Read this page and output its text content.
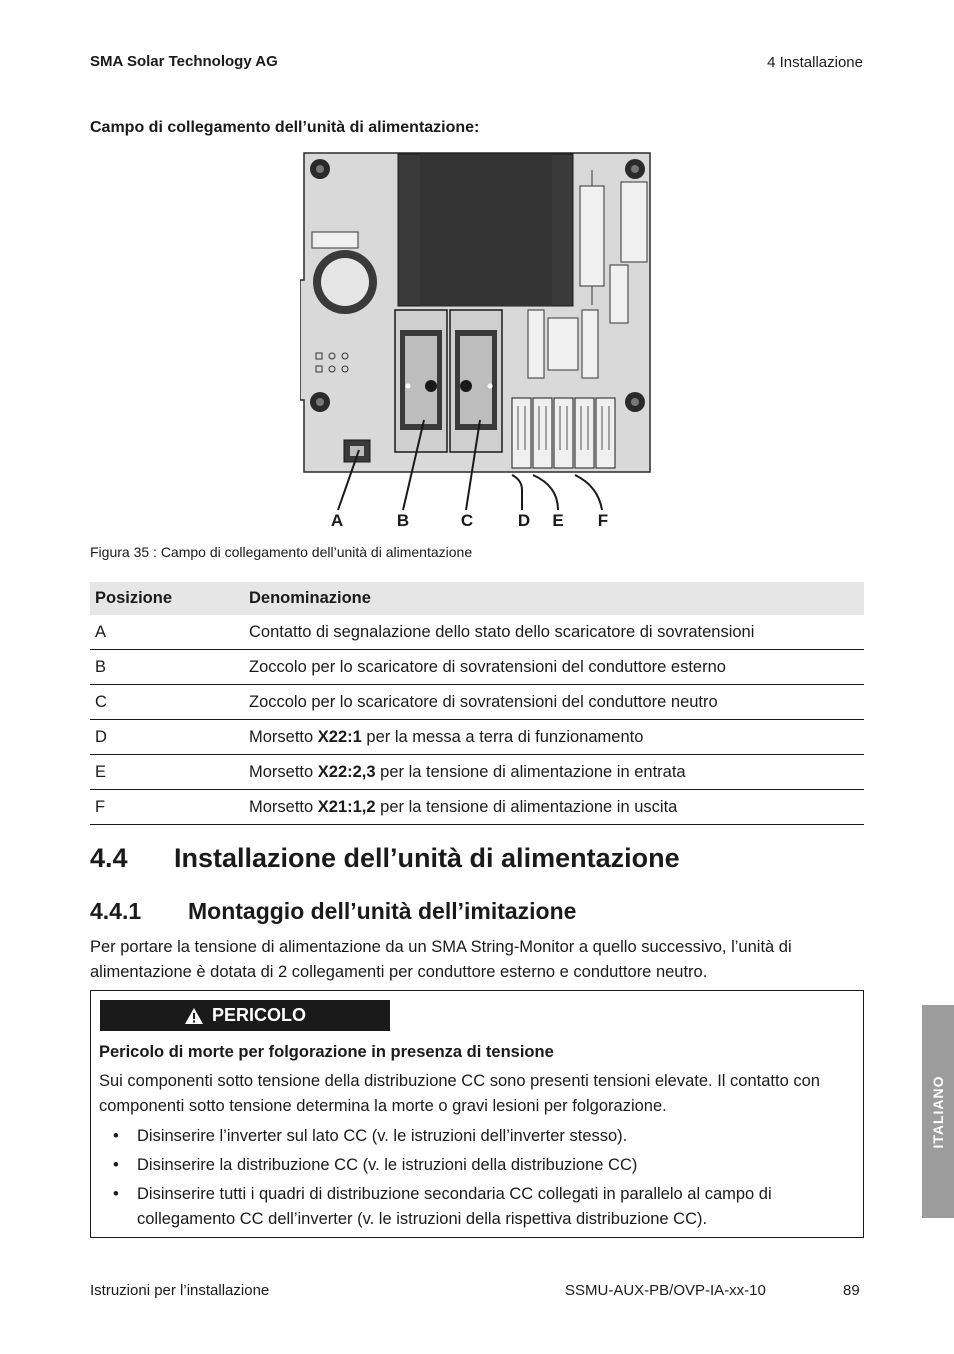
SMA Solar Technology AG	4 Installazione
Campo di collegamento dell’unità di alimentazione:
A	B	C	D E F
Figura 35 : Campo di collegamento dell’unità di alimentazione
Posizione	Denominazione
A	Contatto di segnalazione dello stato dello scaricatore di sovratensioni
B	Zoccolo per lo scaricatore di sovratensioni del conduttore esterno
C	Zoccolo per lo scaricatore di sovratensioni del conduttore neutro
D	Morsetto X22:1 per la messa a terra di funzionamento
E	Morsetto X22:2,3 per la tensione di alimentazione in entrata
F	Morsetto X21:1,2 per la tensione di alimentazione in uscita
4.4 Installazione dell’unità di alimentazione
4.4.1 Montaggio dell’unità dell’imitazione
Per portare la tensione di alimentazione da un SMA String-Monitor a quello successivo, l’unità di alimentazione è dotata di 2 collegamenti per conduttore esterno e conduttore neutro.
PERICOLO
Pericolo di morte per folgorazione in presenza di tensione
Sui componenti sotto tensione della distribuzione CC sono presenti tensioni elevate. Il contatto con componenti sotto tensione determina la morte o gravi lesioni per folgorazione.
• Disinserire l’inverter sul lato CC (v. le istruzioni dell’inverter stesso).
• Disinserire la distribuzione CC (v. le istruzioni della distribuzione CC)
• Disinserire tutti i quadri di distribuzione secondaria CC collegati in parallelo al campo di collegamento CC dell’inverter (v. le istruzioni della rispettiva distribuzione CC).
ITALIANO
Istruzioni per l’installazione	SSMU-AUX-PB/OVP-IA-xx-10	89
